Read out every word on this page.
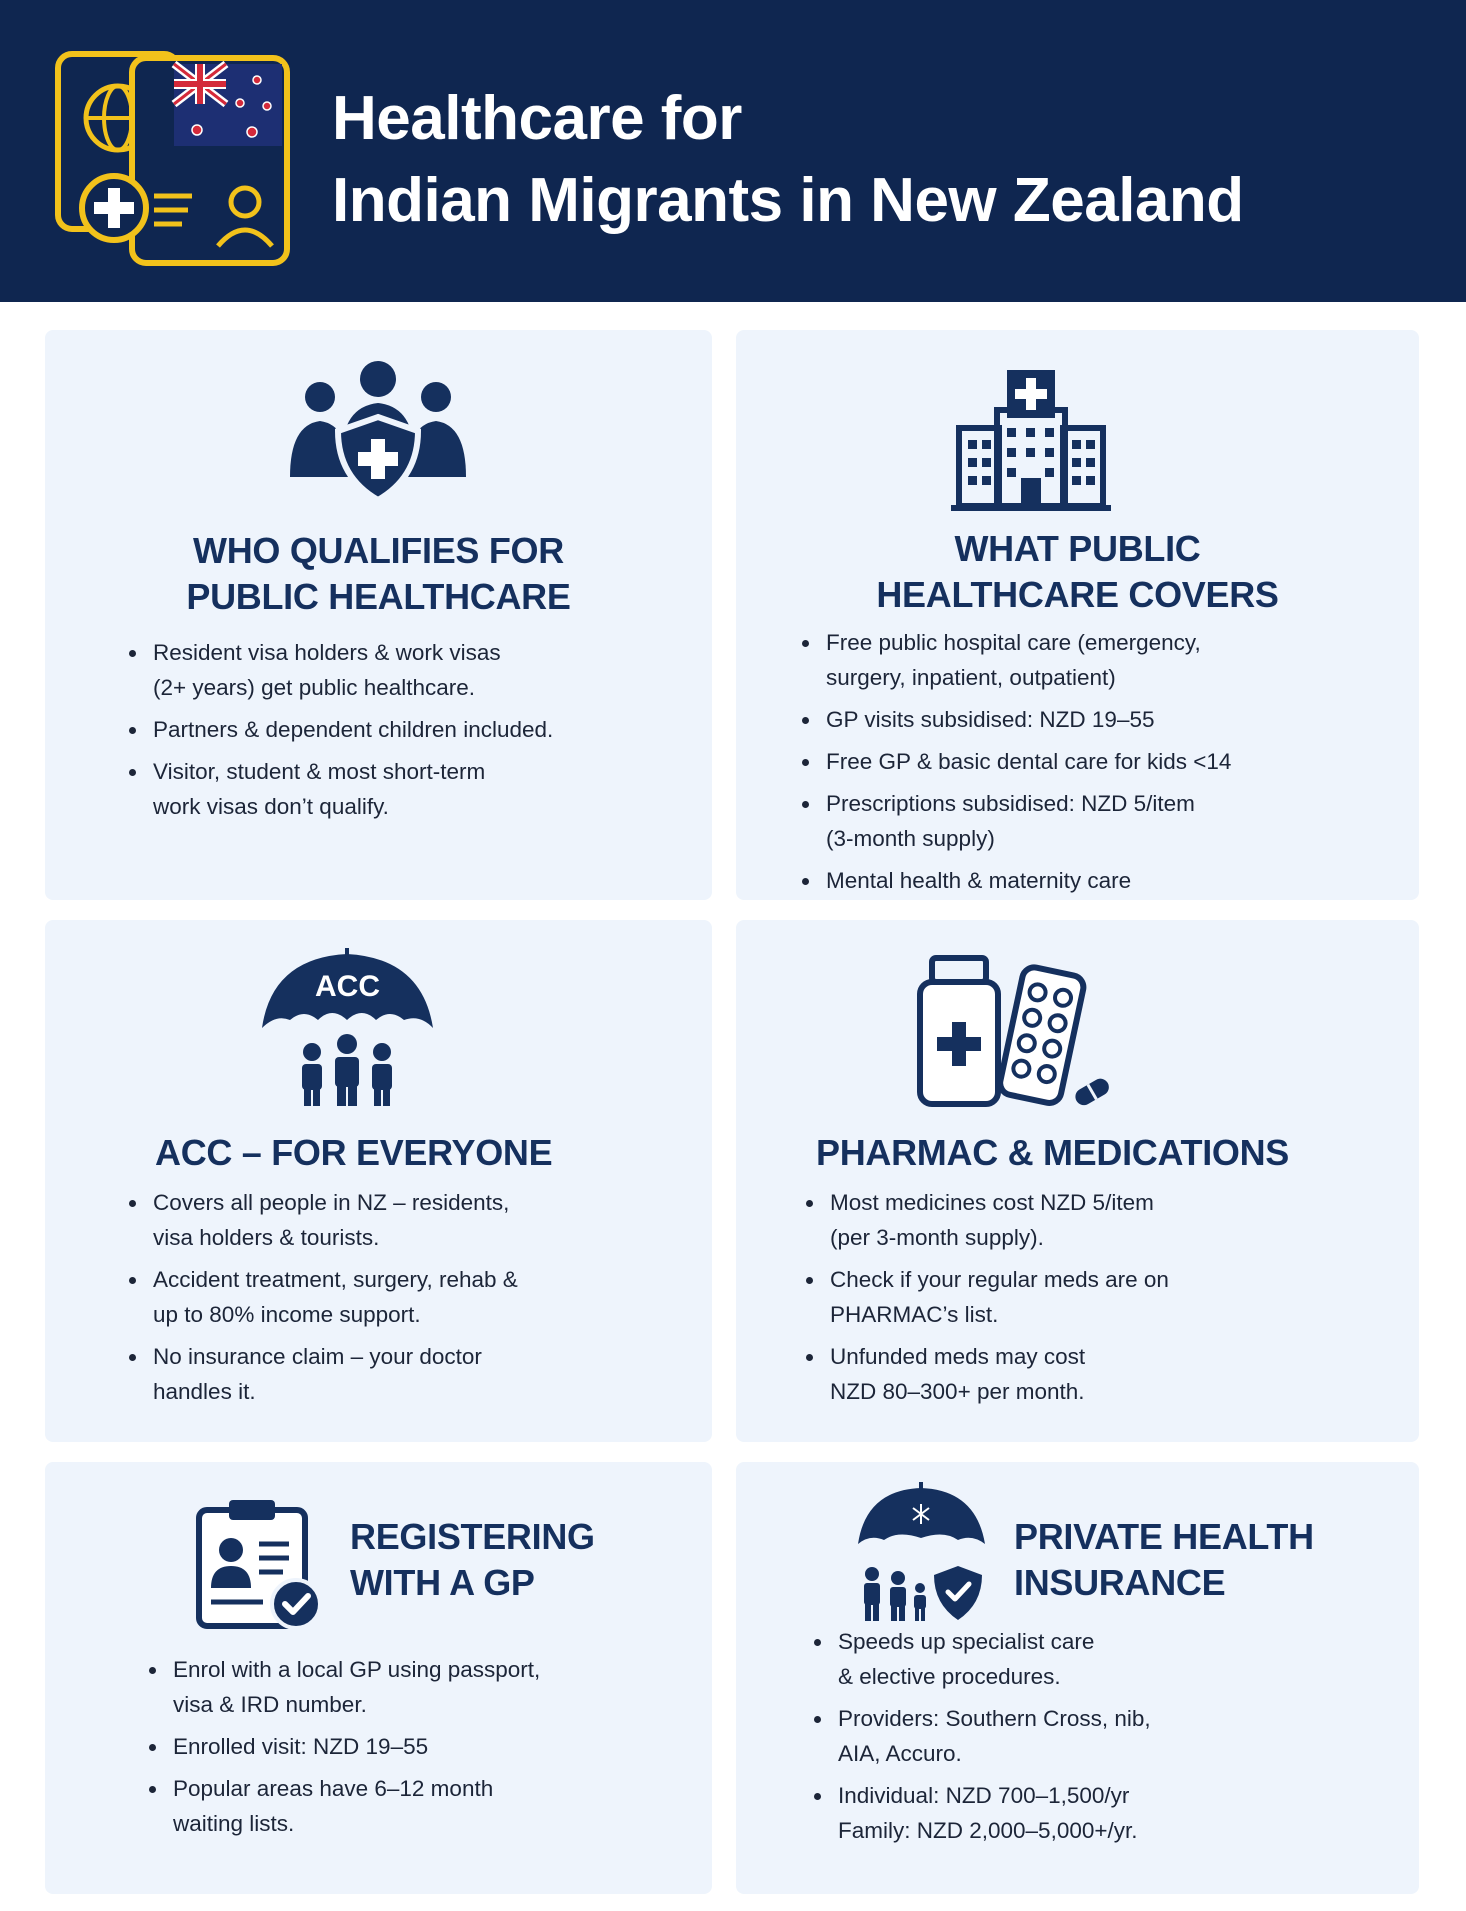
Healthcare for
Indian Migrants in New Zealand
WHO QUALIFIES FOR
PUBLIC HEALTHCARE
Resident visa holders & work visas
(2+ years) get public healthcare.
Partners & dependent children included.
Visitor, student & most short-term
work visas don’t qualify.
WHAT PUBLIC
HEALTHCARE COVERS
Free public hospital care (emergency,
surgery, inpatient, outpatient)
GP visits subsidised: NZD 19–55
Free GP & basic dental care for kids <14
Prescriptions subsidised: NZD 5/item
(3-month supply)
Mental health & maternity care
ACC
ACC – FOR EVERYONE
Covers all people in NZ – residents,
visa holders & tourists.
Accident treatment, surgery, rehab &
up to 80% income support.
No insurance claim – your doctor
handles it.
PHARMAC & MEDICATIONS
Most medicines cost NZD 5/item
(per 3-month supply).
Check if your regular meds are on
PHARMAC’s list.
Unfunded meds may cost
NZD 80–300+ per month.
REGISTERING
WITH A GP
Enrol with a local GP using passport,
visa & IRD number.
Enrolled visit: NZD 19–55
Popular areas have 6–12 month
waiting lists.
PRIVATE HEALTH
INSURANCE
Speeds up specialist care
& elective procedures.
Providers: Southern Cross, nib,
AIA, Accuro.
Individual: NZD 700–1,500/yr
Family: NZD 2,000–5,000+/yr.
